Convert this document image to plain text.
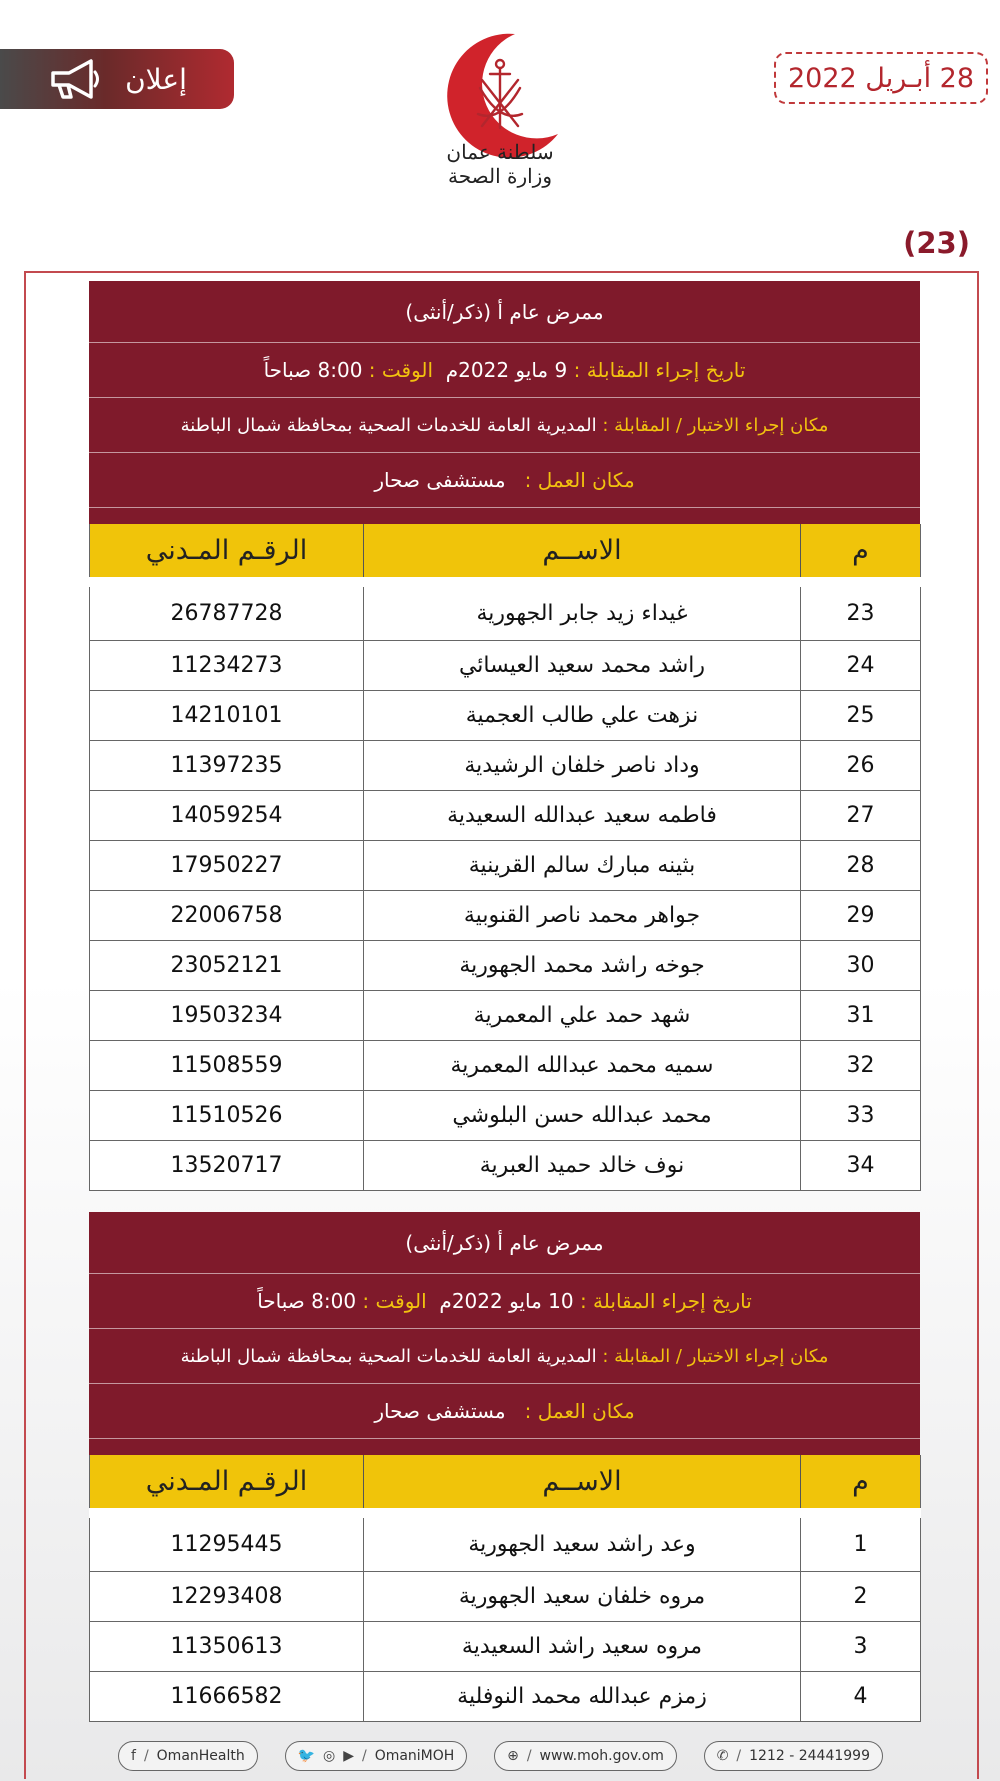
إعلان
سلطنة عمان
وزارة الصحة
28 أبـريل 2022
(23)
ممرض عام أ (ذكر/أنثى)
تاريخ إجراء المقابلة :

9 مايو 2022م

الوقت :

8:00 صباحاً
مكان إجراء الاختبار / المقابلة :

المديرية العامة للخدمات الصحية بمحافظة شمال الباطنة
مكان العمل :

مستشفى صحار
م	الاســم	الرقـم المـدني
23	غيداء زيد جابر الجهورية	26787728
24	راشد محمد سعيد العيسائي	11234273
25	نزهت علي طالب العجمية	14210101
26	وداد ناصر خلفان الرشيدية	11397235
27	فاطمه سعيد عبدالله السعيدية	14059254
28	بثينه مبارك سالم القرينية	17950227
29	جواهر محمد ناصر القنوبية	22006758
30	جوخه راشد محمد الجهورية	23052121
31	شهد حمد علي المعمرية	19503234
32	سميه محمد عبدالله المعمرية	11508559
33	محمد عبدالله حسن البلوشي	11510526
34	نوف خالد حميد العبرية	13520717
ممرض عام أ (ذكر/أنثى)
تاريخ إجراء المقابلة :

10 مايو 2022م

الوقت :

8:00 صباحاً
مكان إجراء الاختبار / المقابلة :

المديرية العامة للخدمات الصحية بمحافظة شمال الباطنة
مكان العمل :

مستشفى صحار
م	الاســم	الرقـم المـدني
1	وعد راشد سعيد الجهورية	11295445
2	مروه خلفان سعيد الجهورية	12293408
3	مروه سعيد راشد السعيدية	11350613
4	زمزم عبدالله محمد النوفلية	11666582
f / OmanHealth	🐦 ◎ ▶ / OmaniMOH	⊕ / www.moh.gov.om	✆ / 1212 - 24441999
